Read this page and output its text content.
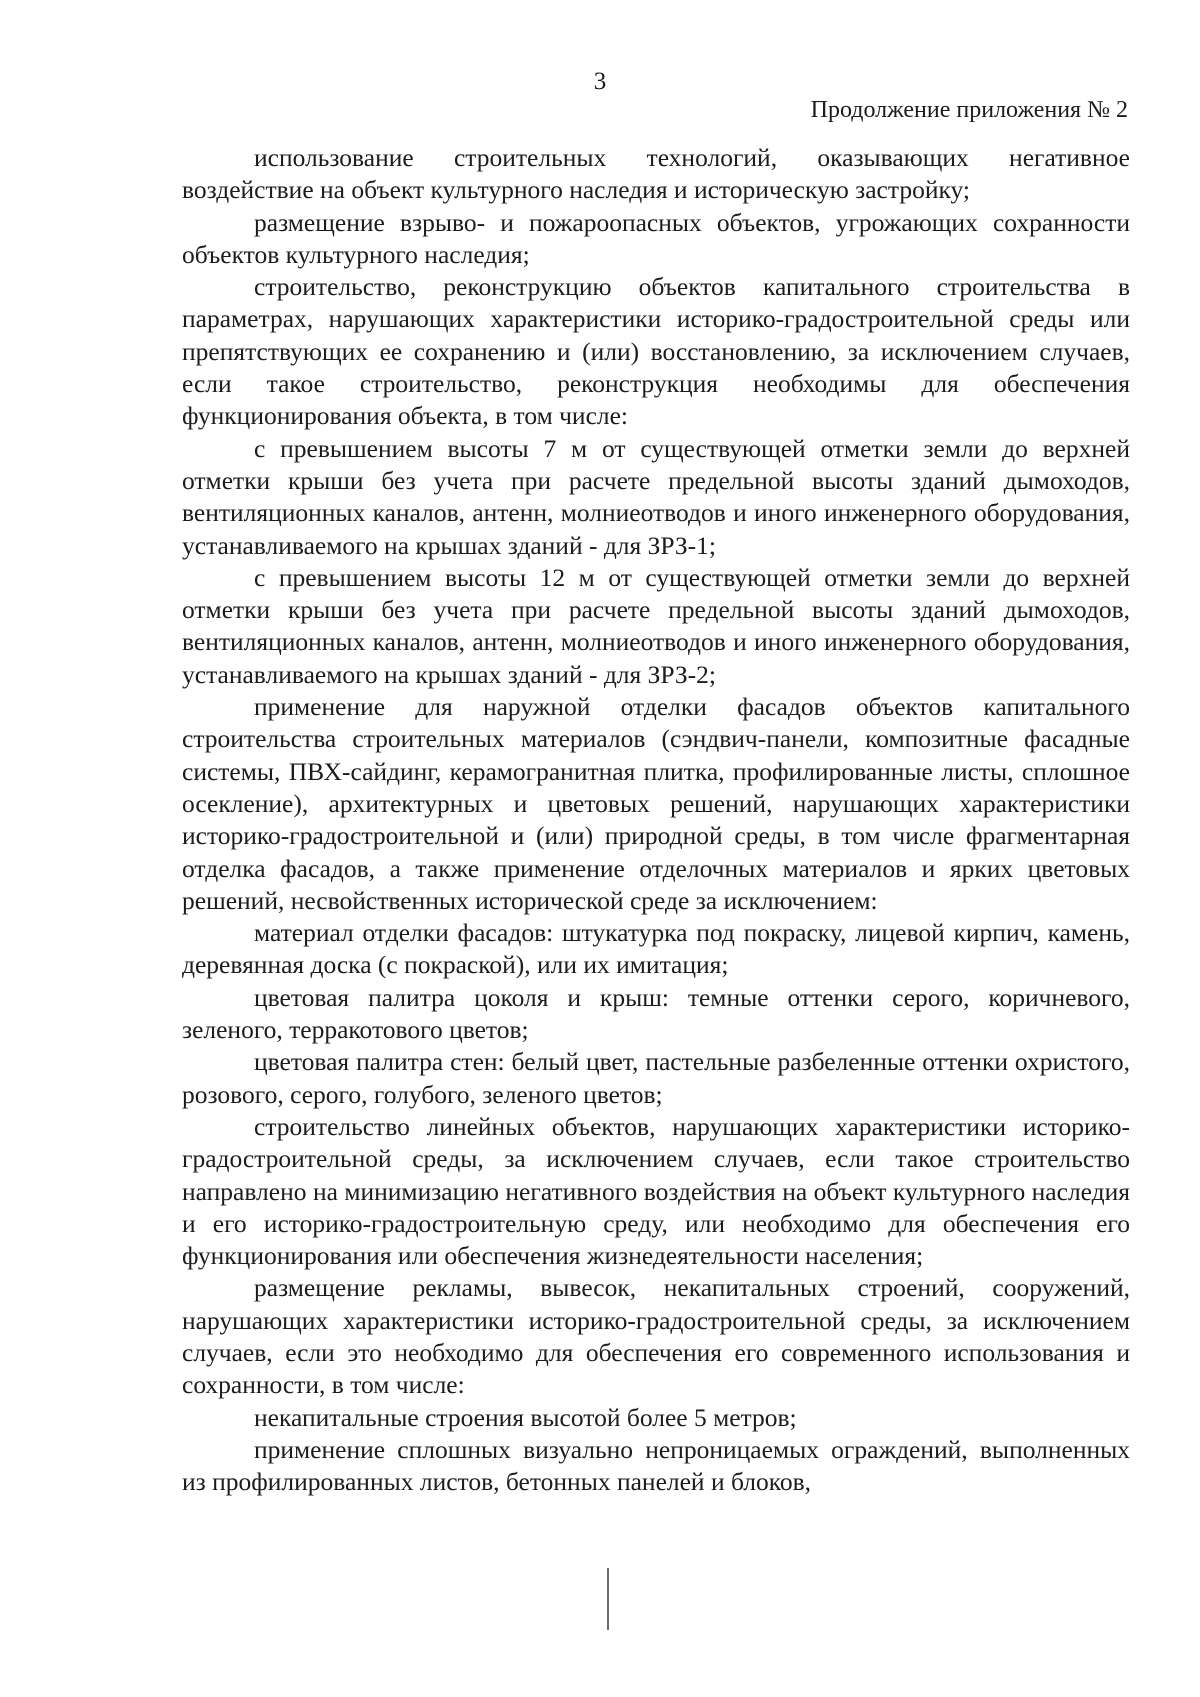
3
Продолжение приложения № 2

использование строительных технологий, оказывающих негативное воздействие на объект культурного наследия и историческую застройку;

размещение взрыво- и пожароопасных объектов, угрожающих сохранности объектов культурного наследия;

строительство, реконструкцию объектов капитального строительства в параметрах, нарушающих характеристики историко-градостроительной среды или препятствующих ее сохранению и (или) восстановлению, за исключением случаев, если такое строительство, реконструкция необходимы для обеспечения функционирования объекта, в том числе:

с превышением высоты 7 м от существующей отметки земли до верхней отметки крыши без учета при расчете предельной высоты зданий дымоходов, вентиляционных каналов, антенн, молниеотводов и иного инженерного оборудования, устанавливаемого на крышах зданий - для ЗРЗ-1;

с превышением высоты 12 м от существующей отметки земли до верхней отметки крыши без учета при расчете предельной высоты зданий дымоходов, вентиляционных каналов, антенн, молниеотводов и иного инженерного оборудования, устанавливаемого на крышах зданий - для ЗРЗ-2;

применение для наружной отделки фасадов объектов капитального строительства строительных материалов (сэндвич-панели, композитные фасадные системы, ПВХ-сайдинг, керамогранитная плитка, профилированные листы, сплошное осекление), архитектурных и цветовых решений, нарушающих характеристики историко-градостроительной и (или) природной среды, в том числе фрагментарная отделка фасадов, а также применение отделочных материалов и ярких цветовых решений, несвойственных исторической среде за исключением:

материал отделки фасадов: штукатурка под покраску, лицевой кирпич, камень, деревянная доска (с покраской), или их имитация;

цветовая палитра цоколя и крыш: темные оттенки серого, коричневого, зеленого, терракотового цветов;

цветовая палитра стен: белый цвет, пастельные разбеленные оттенки охристого, розового, серого, голубого, зеленого цветов;

строительство линейных объектов, нарушающих характеристики историко-градостроительной среды, за исключением случаев, если такое строительство направлено на минимизацию негативного воздействия на объект культурного наследия и его историко-градостроительную среду, или необходимо для обеспечения его функционирования или обеспечения жизнедеятельности населения;

размещение рекламы, вывесок, некапитальных строений, сооружений, нарушающих характеристики историко-градостроительной среды, за исключением случаев, если это необходимо для обеспечения его современного использования и сохранности, в том числе:

некапитальные строения высотой более 5 метров;

применение сплошных визуально непроницаемых ограждений, выполненных из профилированных листов, бетонных панелей и блоков,
